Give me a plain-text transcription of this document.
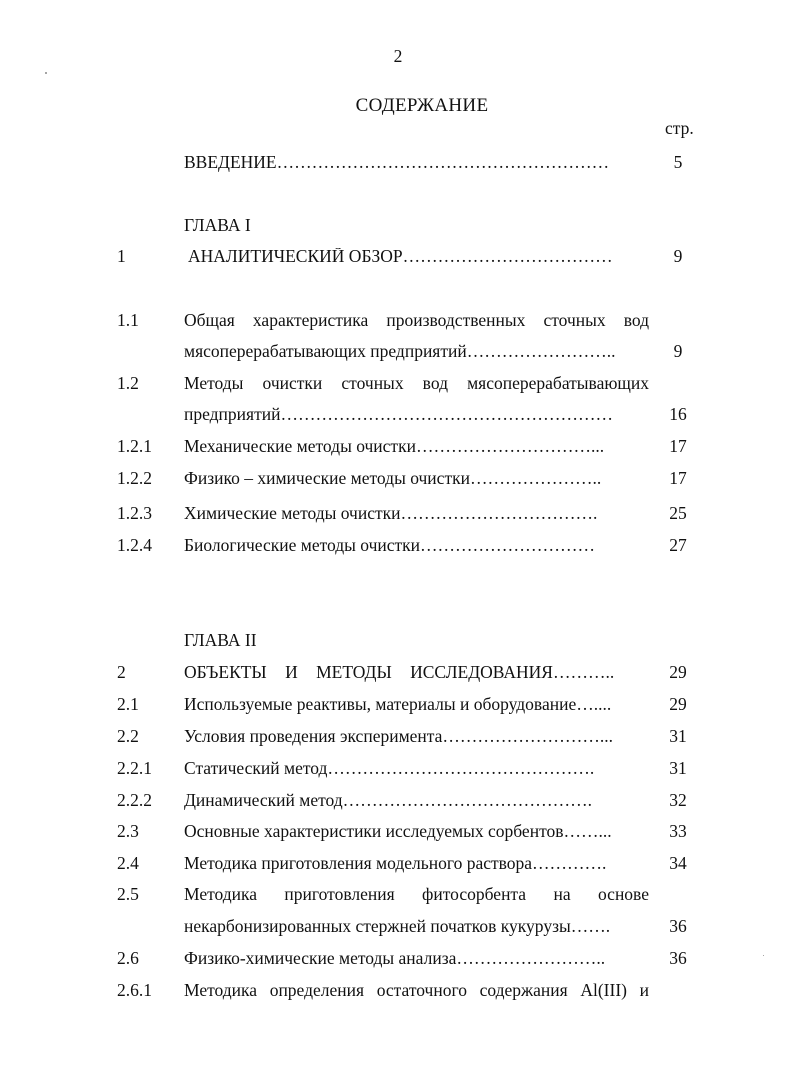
2
СОДЕРЖАНИЕ
стр.
ВВЕДЕНИЕ…………………………………………………	5
ГЛАВА I
1	АНАЛИТИЧЕСКИЙ ОБЗОР………………………………	9
1.1	Общая характеристика производственных сточных вод
мясоперерабатывающих предприятий……………………..	9
1.2	Методы очистки сточных вод мясоперерабатывающих
предприятий…………………………………………………	16
1.2.1 Механические методы очистки…………………………...	17
1.2.2 Физико – химические методы очистки…………………..	17
1.2.3 Химические методы очистки…………………………….	25
1.2.4 Биологические методы очистки…………………………	27
ГЛАВА II
2	ОБЪЕКТЫ И МЕТОДЫ ИССЛЕДОВАНИЯ………..	29
2.1	Используемые реактивы, материалы и оборудование…....	29
2.2	Условия проведения эксперимента………………………...	31
2.2.1 Статический метод……………………………………….	31
2.2.2 Динамический метод…………………………………….	32
2.3	Основные характеристики исследуемых сорбентов……...	33
2.4	Методика приготовления модельного раствора………….	34
2.5	Методика приготовления фитосорбента на основе
некарбонизированных стержней початков кукурузы…….	36
2.6	Физико-химические методы анализа……………………..	36
2.6.1 Методика определения остаточного содержания Al(III) и
